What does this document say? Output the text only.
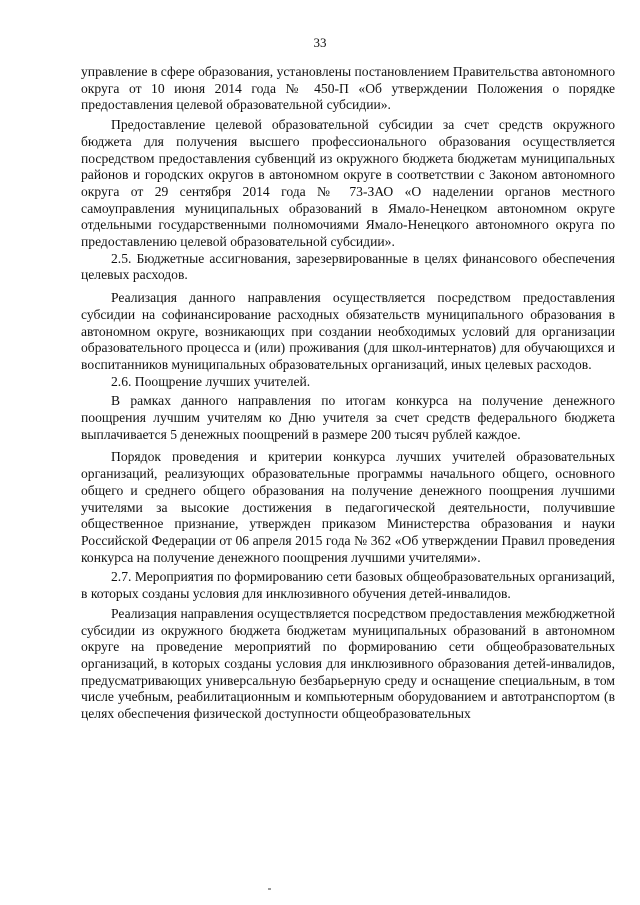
33

управление в сфере образования, установлены постановлением Правительства автономного округа от 10 июня 2014 года № 450-П «Об утверждении Положения о порядке предоставления целевой образовательной субсидии».

Предоставление целевой образовательной субсидии за счет средств окружного бюджета для получения высшего профессионального образования осуществляется посредством предоставления субвенций из окружного бюджета бюджетам муниципальных районов и городских округов в автономном округе в соответствии с Законом автономного округа от 29 сентября 2014 года № 73-ЗАО «О наделении органов местного самоуправления муниципальных образований в Ямало-Ненецком автономном округе отдельными государственными полномочиями Ямало-Ненецкого автономного округа по предоставлению целевой образовательной субсидии».

2.5. Бюджетные ассигнования, зарезервированные в целях финансового обеспечения целевых расходов.

Реализация данного направления осуществляется посредством предоставления субсидии на софинансирование расходных обязательств муниципального образования в автономном округе, возникающих при создании необходимых условий для организации образовательного процесса и (или) проживания (для школ-интернатов) для обучающихся и воспитанников муниципальных образовательных организаций, иных целевых расходов.

2.6. Поощрение лучших учителей.

В рамках данного направления по итогам конкурса на получение денежного поощрения лучшим учителям ко Дню учителя за счет средств федерального бюджета выплачивается 5 денежных поощрений в размере 200 тысяч рублей каждое.

Порядок проведения и критерии конкурса лучших учителей образовательных организаций, реализующих образовательные программы начального общего, основного общего и среднего общего образования на получение денежного поощрения лучшими учителями за высокие достижения в педагогической деятельности, получившие общественное признание, утвержден приказом Министерства образования и науки Российской Федерации от 06 апреля 2015 года № 362 «Об утверждении Правил проведения конкурса на получение денежного поощрения лучшими учителями».

2.7. Мероприятия по формированию сети базовых общеобразовательных организаций, в которых созданы условия для инклюзивного обучения детей-инвалидов.

Реализация направления осуществляется посредством предоставления межбюджетной субсидии из окружного бюджета бюджетам муниципальных образований в автономном округе на проведение мероприятий по формированию сети общеобразовательных организаций, в которых созданы условия для инклюзивного образования детей-инвалидов, предусматривающих универсальную безбарьерную среду и оснащение специальным, в том числе учебным, реабилитационным и компьютерным оборудованием и автотранспортом (в целях обеспечения физической доступности общеобразовательных
